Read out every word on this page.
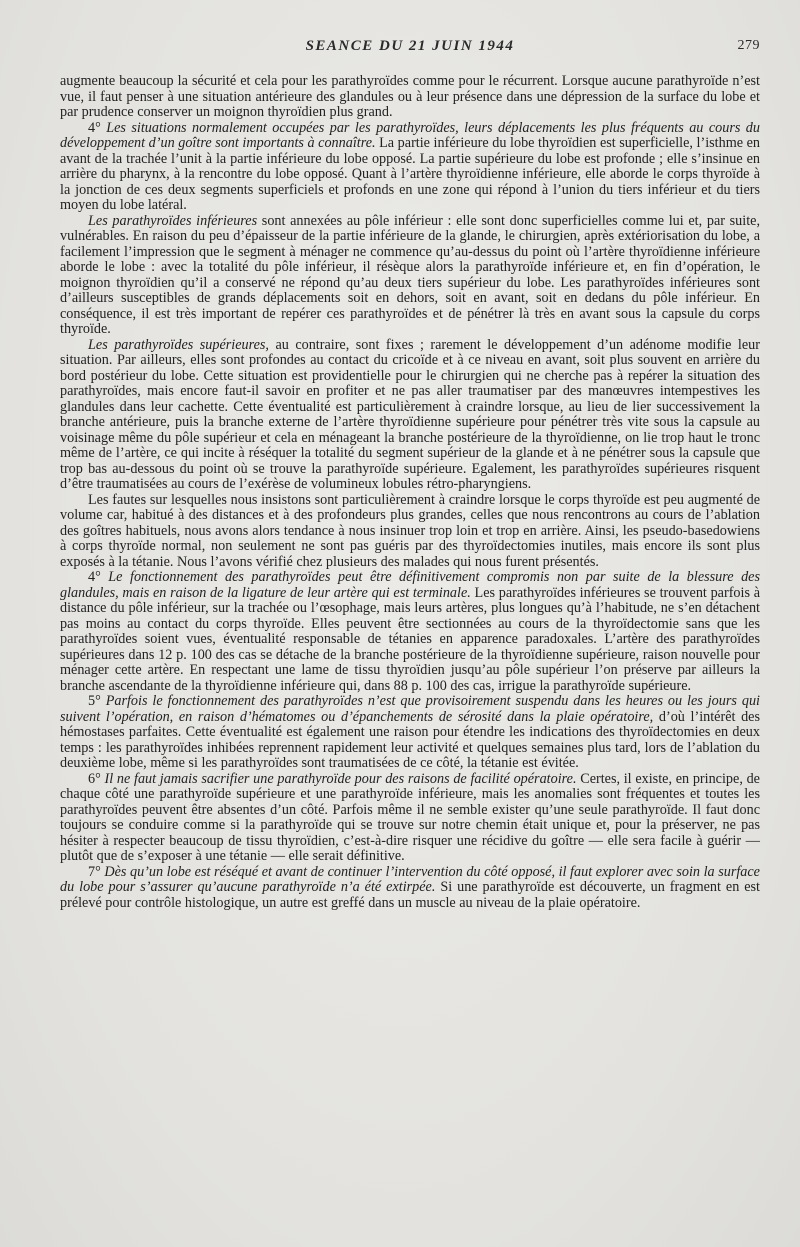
SEANCE DU 21 JUIN 1944	279

augmente beaucoup la sécurité et cela pour les parathyroïdes comme pour le récurrent. Lorsque aucune parathyroïde n’est vue, il faut penser à une situation antérieure des glandules ou à leur présence dans une dépression de la surface du lobe et par prudence conserver un moignon thyroïdien plus grand.

4° Les situations normalement occupées par les parathyroïdes, leurs déplacements les plus fréquents au cours du développement d’un goître sont importants à connaître. La partie inférieure du lobe thyroïdien est superficielle, l’isthme en avant de la trachée l’unit à la partie inférieure du lobe opposé. La partie supérieure du lobe est profonde ; elle s’insinue en arrière du pharynx, à la rencontre du lobe opposé. Quant à l’artère thyroïdienne inférieure, elle aborde le corps thyroïde à la jonction de ces deux segments superficiels et profonds en une zone qui répond à l’union du tiers inférieur et du tiers moyen du lobe latéral.

Les parathyroïdes inférieures sont annexées au pôle inférieur : elle sont donc superficielles comme lui et, par suite, vulnérables. En raison du peu d’épaisseur de la partie inférieure de la glande, le chirurgien, après extériorisation du lobe, a facilement l’impression que le segment à ménager ne commence qu’au-dessus du point où l’artère thyroïdienne inférieure aborde le lobe : avec la totalité du pôle inférieur, il résèque alors la parathyroïde inférieure et, en fin d’opération, le moignon thyroïdien qu’il a conservé ne répond qu’au deux tiers supérieur du lobe. Les parathyroïdes inférieures sont d’ailleurs susceptibles de grands déplacements soit en dehors, soit en avant, soit en dedans du pôle inférieur. En conséquence, il est très important de repérer ces parathyroïdes et de pénétrer là très en avant sous la capsule du corps thyroïde.

Les parathyroïdes supérieures, au contraire, sont fixes ; rarement le développement d’un adénome modifie leur situation. Par ailleurs, elles sont profondes au contact du cricoïde et à ce niveau en avant, soit plus souvent en arrière du bord postérieur du lobe. Cette situation est providentielle pour le chirurgien qui ne cherche pas à repérer la situation des parathyroïdes, mais encore faut-il savoir en profiter et ne pas aller traumatiser par des manœuvres intempestives les glandules dans leur cachette. Cette éventualité est particulièrement à craindre lorsque, au lieu de lier successivement la branche antérieure, puis la branche externe de l’artère thyroïdienne supérieure pour pénétrer très vite sous la capsule au voisinage même du pôle supérieur et cela en ménageant la branche postérieure de la thyroïdienne, on lie trop haut le tronc même de l’artère, ce qui incite à réséquer la totalité du segment supérieur de la glande et à ne pénétrer sous la capsule que trop bas au-dessous du point où se trouve la parathyroïde supérieure. Egalement, les parathyroïdes supérieures risquent d’être traumatisées au cours de l’exérèse de volumineux lobules rétro-pharyngiens.

Les fautes sur lesquelles nous insistons sont particulièrement à craindre lorsque le corps thyroïde est peu augmenté de volume car, habitué à des distances et à des profondeurs plus grandes, celles que nous rencontrons au cours de l’ablation des goîtres habituels, nous avons alors tendance à nous insinuer trop loin et trop en arrière. Ainsi, les pseudo-basedowiens à corps thyroïde normal, non seulement ne sont pas guéris par des thyroïdectomies inutiles, mais encore ils sont plus exposés à la tétanie. Nous l’avons vérifié chez plusieurs des malades qui nous furent présentés.

4° Le fonctionnement des parathyroïdes peut être définitivement compromis non par suite de la blessure des glandules, mais en raison de la ligature de leur artère qui est terminale. Les parathyroïdes inférieures se trouvent parfois à distance du pôle inférieur, sur la trachée ou l’œsophage, mais leurs artères, plus longues qu’à l’habitude, ne s’en détachent pas moins au contact du corps thyroïde. Elles peuvent être sectionnées au cours de la thyroïdectomie sans que les parathyroïdes soient vues, éventualité responsable de tétanies en apparence paradoxales. L’artère des parathyroïdes supérieures dans 12 p. 100 des cas se détache de la branche postérieure de la thyroïdienne supérieure, raison nouvelle pour ménager cette artère. En respectant une lame de tissu thyroïdien jusqu’au pôle supérieur l’on préserve par ailleurs la branche ascendante de la thyroïdienne inférieure qui, dans 88 p. 100 des cas, irrigue la parathyroïde supérieure.

5° Parfois le fonctionnement des parathyroïdes n’est que provisoirement suspendu dans les heures ou les jours qui suivent l’opération, en raison d’hématomes ou d’épanchements de sérosité dans la plaie opératoire, d’où l’intérêt des hémostases parfaites. Cette éventualité est également une raison pour étendre les indications des thyroïdectomies en deux temps : les parathyroïdes inhibées reprennent rapidement leur activité et quelques semaines plus tard, lors de l’ablation du deuxième lobe, même si les parathyroïdes sont traumatisées de ce côté, la tétanie est évitée.

6° Il ne faut jamais sacrifier une parathyroïde pour des raisons de facilité opératoire. Certes, il existe, en principe, de chaque côté une parathyroïde supérieure et une parathyroïde inférieure, mais les anomalies sont fréquentes et toutes les parathyroïdes peuvent être absentes d’un côté. Parfois même il ne semble exister qu’une seule parathyroïde. Il faut donc toujours se conduire comme si la parathyroïde qui se trouve sur notre chemin était unique et, pour la préserver, ne pas hésiter à respecter beaucoup de tissu thyroïdien, c’est-à-dire risquer une récidive du goître — elle sera facile à guérir — plutôt que de s’exposer à une tétanie — elle serait définitive.

7° Dès qu’un lobe est réséqué et avant de continuer l’intervention du côté opposé, il faut explorer avec soin la surface du lobe pour s’assurer qu’aucune parathyroïde n’a été extirpée. Si une parathyroïde est découverte, un fragment en est prélevé pour contrôle histologique, un autre est greffé dans un muscle au niveau de la plaie opératoire.
